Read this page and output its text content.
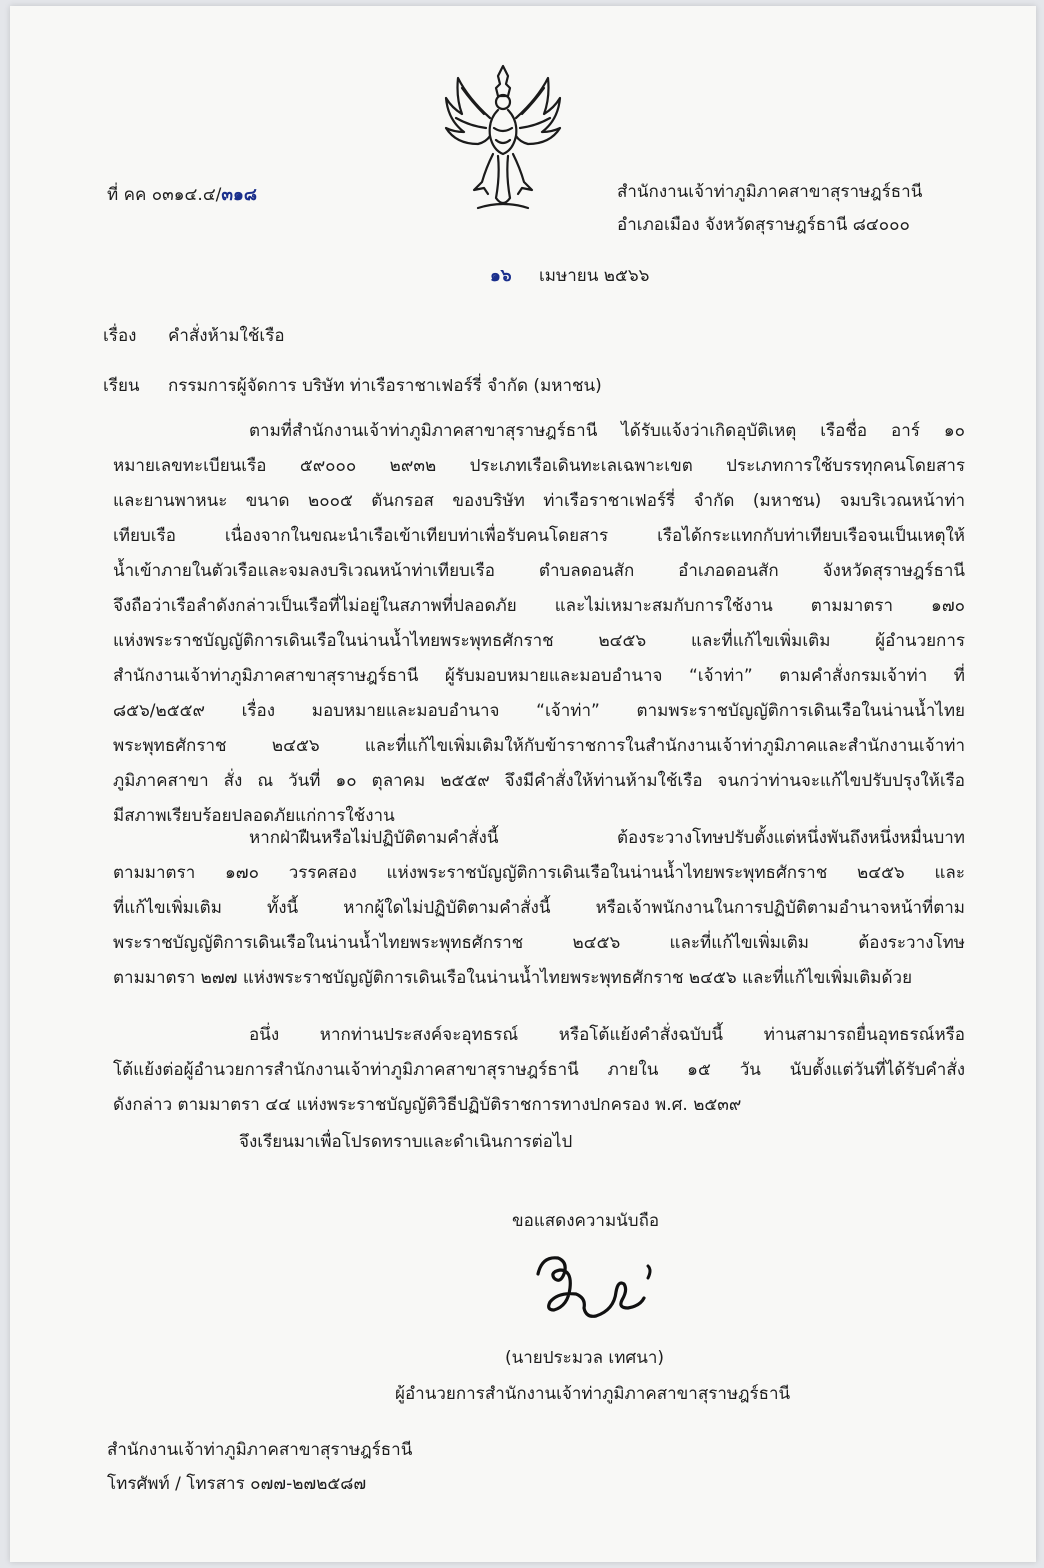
ที่ คค ๐๓๑๔.๔/๓๑๘	สำนักงานเจ้าท่าภูมิภาคสาขาสุราษฎร์ธานี
อำเภอเมือง จังหวัดสุราษฎร์ธานี ๘๔๐๐๐
๑๖ เมษายน ๒๕๖๖
เรื่อง คำสั่งห้ามใช้เรือ
เรียน กรรมการผู้จัดการ บริษัท ท่าเรือราชาเฟอร์รี่ จำกัด (มหาชน)
ตามที่สำนักงานเจ้าท่าภูมิภาคสาขาสุราษฎร์ธานี ได้รับแจ้งว่าเกิดอุบัติเหตุ เรือชื่อ อาร์ ๑๐
หมายเลขทะเบียนเรือ ๕๙๐๐๐ ๒๙๓๒ ประเภทเรือเดินทะเลเฉพาะเขต ประเภทการใช้บรรทุกคนโดยสาร
และยานพาหนะ ขนาด ๒๐๐๕ ตันกรอส ของบริษัท ท่าเรือราชาเฟอร์รี่ จำกัด (มหาชน) จมบริเวณหน้าท่า
เทียบเรือ เนื่องจากในขณะนำเรือเข้าเทียบท่าเพื่อรับคนโดยสาร เรือได้กระแทกกับท่าเทียบเรือจนเป็นเหตุให้
น้ำเข้าภายในตัวเรือและจมลงบริเวณหน้าท่าเทียบเรือ ตำบลดอนสัก อำเภอดอนสัก จังหวัดสุราษฎร์ธานี
จึงถือว่าเรือลำดังกล่าวเป็นเรือที่ไม่อยู่ในสภาพที่ปลอดภัย และไม่เหมาะสมกับการใช้งาน ตามมาตรา ๑๗๐
แห่งพระราชบัญญัติการเดินเรือในน่านน้ำไทยพระพุทธศักราช ๒๔๕๖ และที่แก้ไขเพิ่มเติม ผู้อำนวยการ
สำนักงานเจ้าท่าภูมิภาคสาขาสุราษฎร์ธานี ผู้รับมอบหมายและมอบอำนาจ “เจ้าท่า” ตามคำสั่งกรมเจ้าท่า ที่
๘๕๖/๒๕๕๙ เรื่อง มอบหมายและมอบอำนาจ “เจ้าท่า” ตามพระราชบัญญัติการเดินเรือในน่านน้ำไทย
พระพุทธศักราช ๒๔๕๖ และที่แก้ไขเพิ่มเติมให้กับข้าราชการในสำนักงานเจ้าท่าภูมิภาคและสำนักงานเจ้าท่า
ภูมิภาคสาขา สั่ง ณ วันที่ ๑๐ ตุลาคม ๒๕๕๙ จึงมีคำสั่งให้ท่านห้ามใช้เรือ จนกว่าท่านจะแก้ไขปรับปรุงให้เรือ
มีสภาพเรียบร้อยปลอดภัยแก่การใช้งาน
หากฝ่าฝืนหรือไม่ปฏิบัติตามคำสั่งนี้ ต้องระวางโทษปรับตั้งแต่หนึ่งพันถึงหนึ่งหมื่นบาท
ตามมาตรา ๑๗๐ วรรคสอง แห่งพระราชบัญญัติการเดินเรือในน่านน้ำไทยพระพุทธศักราช ๒๔๕๖ และ
ที่แก้ไขเพิ่มเติม ทั้งนี้ หากผู้ใดไม่ปฏิบัติตามคำสั่งนี้ หรือเจ้าพนักงานในการปฏิบัติตามอำนาจหน้าที่ตาม
พระราชบัญญัติการเดินเรือในน่านน้ำไทยพระพุทธศักราช ๒๔๕๖ และที่แก้ไขเพิ่มเติม ต้องระวางโทษ
ตามมาตรา ๒๗๗ แห่งพระราชบัญญัติการเดินเรือในน่านน้ำไทยพระพุทธศักราช ๒๔๕๖ และที่แก้ไขเพิ่มเติมด้วย
อนึ่ง หากท่านประสงค์จะอุทธรณ์ หรือโต้แย้งคำสั่งฉบับนี้ ท่านสามารถยื่นอุทธรณ์หรือ
โต้แย้งต่อผู้อำนวยการสำนักงานเจ้าท่าภูมิภาคสาขาสุราษฎร์ธานี ภายใน ๑๕ วัน นับตั้งแต่วันที่ได้รับคำสั่ง
ดังกล่าว ตามมาตรา ๔๔ แห่งพระราชบัญญัติวิธีปฏิบัติราชการทางปกครอง พ.ศ. ๒๕๓๙
จึงเรียนมาเพื่อโปรดทราบและดำเนินการต่อไป
ขอแสดงความนับถือ
(นายประมวล เทศนา)
ผู้อำนวยการสำนักงานเจ้าท่าภูมิภาคสาขาสุราษฎร์ธานี
สำนักงานเจ้าท่าภูมิภาคสาขาสุราษฎร์ธานี
โทรศัพท์ / โทรสาร ๐๗๗-๒๗๒๕๘๗
